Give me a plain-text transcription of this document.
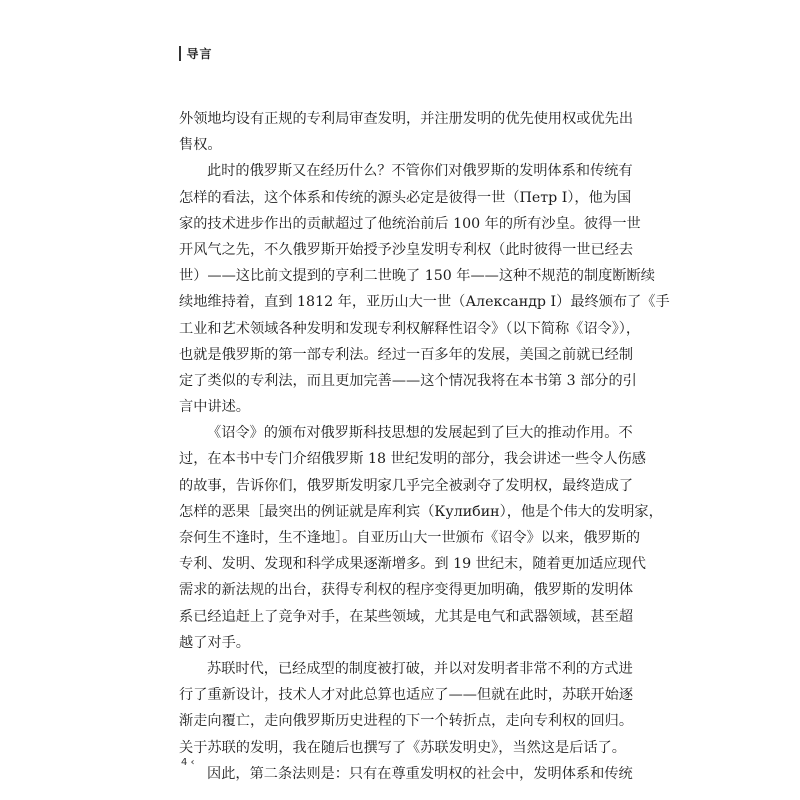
导言
外领地均设有正规的专利局审查发明，并注册发明的优先使用权或优先出
售权。
此时的俄罗斯又在经历什么？不管你们对俄罗斯的发明体系和传统有
怎样的看法，这个体系和传统的源头必定是彼得一世（Петр I），他为国
家的技术进步作出的贡献超过了他统治前后 100 年的所有沙皇。彼得一世
开风气之先，不久俄罗斯开始授予沙皇发明专利权（此时彼得一世已经去
世）——这比前文提到的亨利二世晚了 150 年——这种不规范的制度断断续
续地维持着，直到 1812 年，亚历山大一世（Александр I）最终颁布了《手
工业和艺术领域各种发明和发现专利权解释性诏令》（以下简称《诏令》），
也就是俄罗斯的第一部专利法。经过一百多年的发展，美国之前就已经制
定了类似的专利法，而且更加完善——这个情况我将在本书第 3 部分的引
言中讲述。
《诏令》的颁布对俄罗斯科技思想的发展起到了巨大的推动作用。不
过，在本书中专门介绍俄罗斯 18 世纪发明的部分，我会讲述一些令人伤感
的故事，告诉你们，俄罗斯发明家几乎完全被剥夺了发明权，最终造成了
怎样的恶果［最突出的例证就是库利宾（Кулибин），他是个伟大的发明家，
奈何生不逢时，生不逢地］。自亚历山大一世颁布《诏令》以来，俄罗斯的
专利、发明、发现和科学成果逐渐增多。到 19 世纪末，随着更加适应现代
需求的新法规的出台，获得专利权的程序变得更加明确，俄罗斯的发明体
系已经追赶上了竞争对手，在某些领域，尤其是电气和武器领域，甚至超
越了对手。
苏联时代，已经成型的制度被打破，并以对发明者非常不利的方式进
行了重新设计，技术人才对此总算也适应了——但就在此时，苏联开始逐
渐走向覆亡，走向俄罗斯历史进程的下一个转折点，走向专利权的回归。
关于苏联的发明，我在随后也撰写了《苏联发明史》，当然这是后话了。
因此，第二条法则是：只有在尊重发明权的社会中，发明体系和传统
4 ‹
